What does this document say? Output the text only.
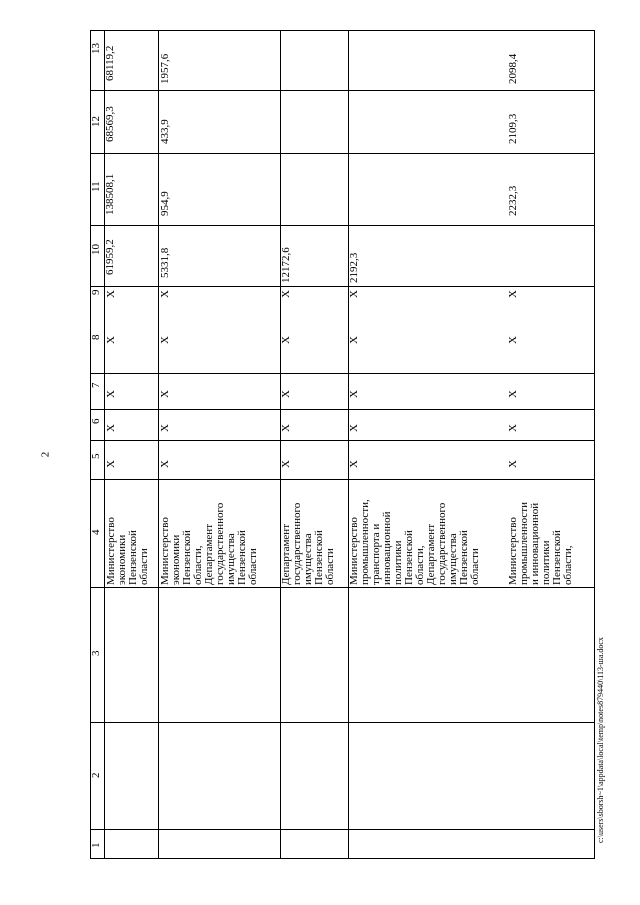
2
13
12
11
10
9
8
7
6
5
4
3
2
1
68119,2
68569,3
138508,1
61959,2
Министерство
экономики
Пензенской
области
X
X
X
X
X
Министерство
экономики
Пензенской
области,
Департамент
государственного
имущества
Пензенской
области
X
X
X
X
X
5331,8
954,9
433,9
1957,6
Департамент
государственного
имущества
Пензенской
области
X
X
X
X
X
12172,6
Министерство
промышленности,
транспорта и
инновационной
политики
Пензенской
области,
Департамент
государственного
имущества
Пензенской
области
X
X
X
X
X
2192,3
Министерство
промышленности
и инновационной
политики
Пензенской
области,
X
X
X
X
X
2232,3
2109,3
2098,4
c:\users\sborsh~1\appdata\local\temp\notes879440\113-ша.docx
